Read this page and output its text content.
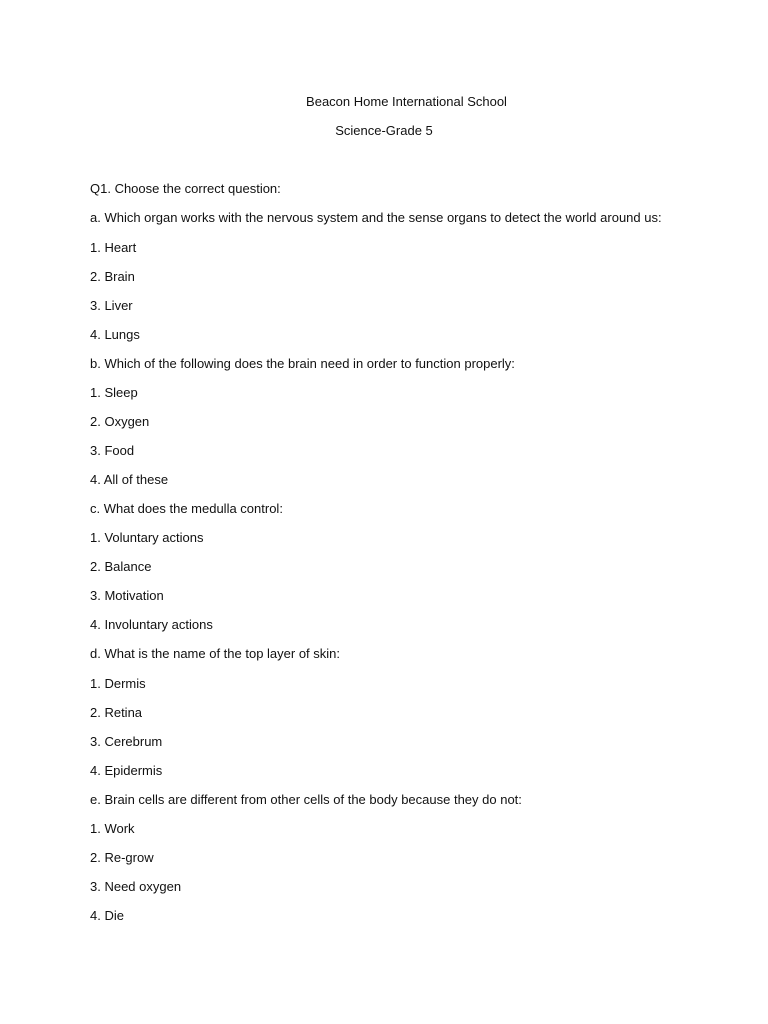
Beacon Home International School
Science-Grade 5
Q1. Choose the correct question:
a. Which organ works with the nervous system and the sense organs to detect the world around us:
1. Heart
2. Brain
3. Liver
4. Lungs
b. Which of the following does the brain need in order to function properly:
1. Sleep
2. Oxygen
3. Food
4. All of these
c. What does the medulla control:
1. Voluntary actions
2. Balance
3. Motivation
4. Involuntary actions
d. What is the name of the top layer of skin:
1. Dermis
2. Retina
3. Cerebrum
4. Epidermis
e. Brain cells are different from other cells of the body because they do not:
1. Work
2. Re-grow
3. Need oxygen
4. Die
